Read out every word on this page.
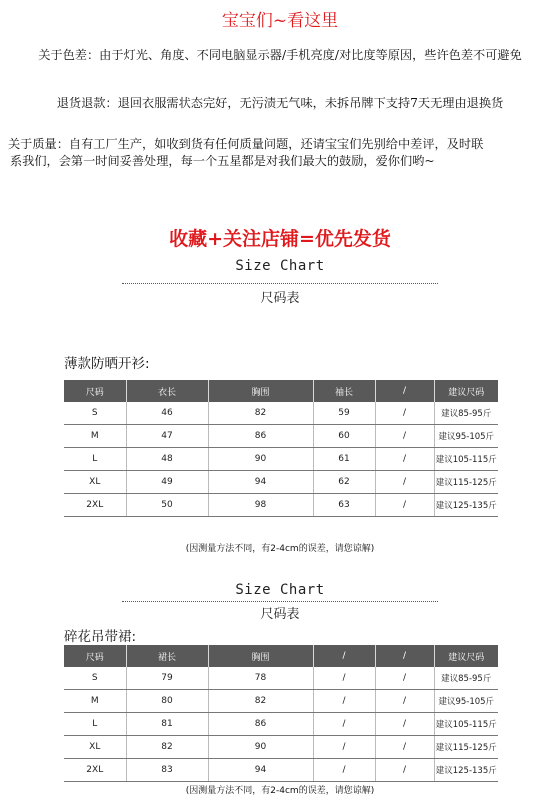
宝宝们~看这里
关于色差：由于灯光、角度、不同电脑显示器/手机亮度/对比度等原因，些许色差不可避免
退货退款：退回衣服需状态完好，无污渍无气味，未拆吊牌下支持7天无理由退换货
关于质量：自有工厂生产，如收到货有任何质量问题，还请宝宝们先别给中差评，及时联
系我们，会第一时间妥善处理，每一个五星都是对我们最大的鼓励，爱你们哟~
收藏+关注店铺=优先发货
Size Chart
尺码表
薄款防晒开衫:
尺码	衣长	胸围	袖长	/	建议尺码
S	46	82	59	/	建议85-95斤
M	47	86	60	/	建议95-105斤
L	48	90	61	/	建议105-115斤
XL	49	94	62	/	建议115-125斤
2XL	50	98	63	/	建议125-135斤
(因测量方法不同，有2-4cm的误差，请您谅解)
Size Chart
尺码表
碎花吊带裙:
尺码	裙长	胸围	/	/	建议尺码
S	79	78	/	/	建议85-95斤
M	80	82	/	/	建议95-105斤
L	81	86	/	/	建议105-115斤
XL	82	90	/	/	建议115-125斤
2XL	83	94	/	/	建议125-135斤
(因测量方法不同，有2-4cm的误差，请您谅解)
